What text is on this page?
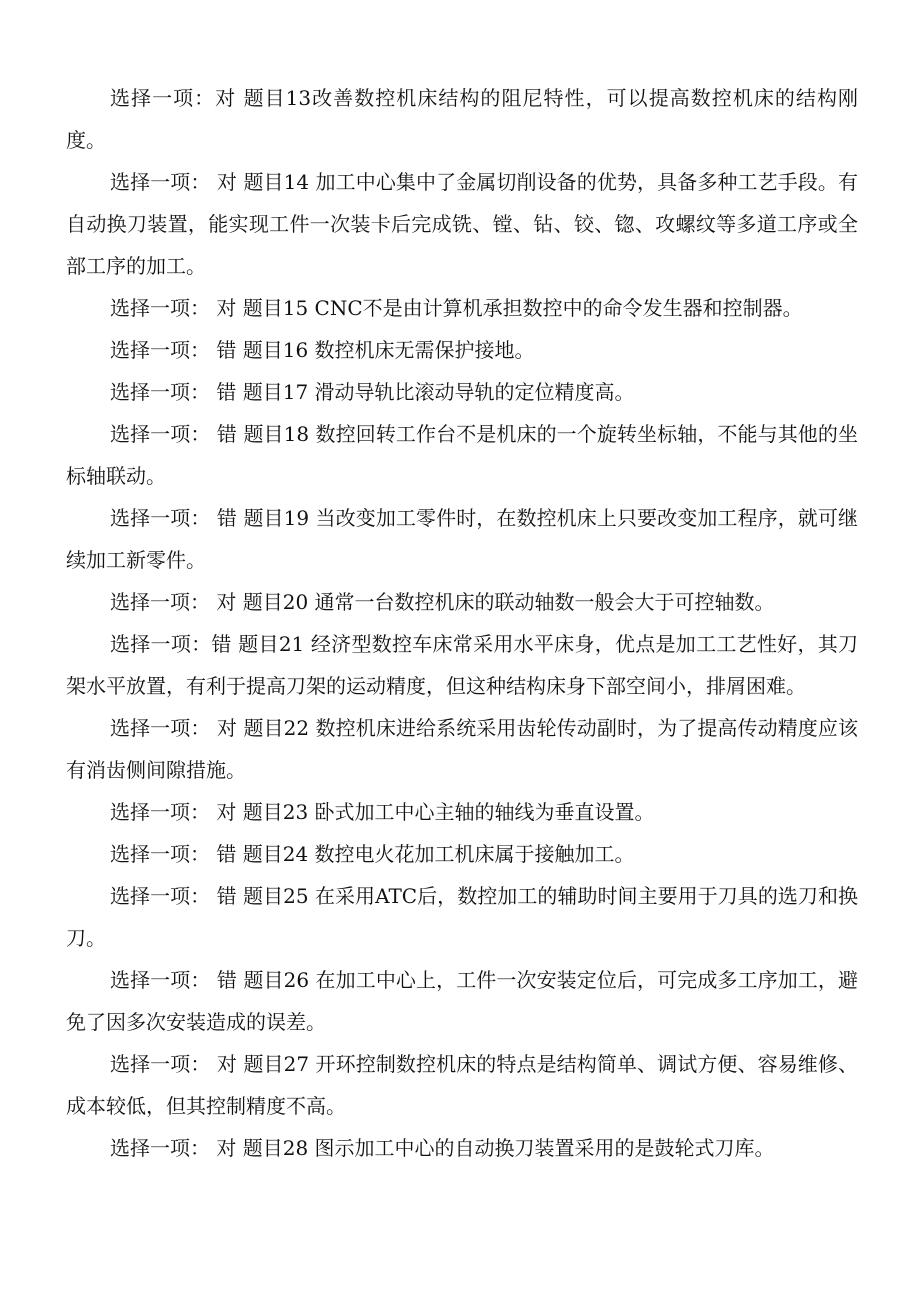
选择一项：对 题目13改善数控机床结构的阻尼特性，可以提高数控机床的结构刚度。

选择一项： 对 题目14 加工中心集中了金属切削设备的优势，具备多种工艺手段。有自动换刀装置，能实现工件一次装卡后完成铣、镗、钻、铰、锪、攻螺纹等多道工序或全部工序的加工。

选择一项： 对 题目15 CNC不是由计算机承担数控中的命令发生器和控制器。

选择一项： 错 题目16 数控机床无需保护接地。

选择一项： 错 题目17 滑动导轨比滚动导轨的定位精度高。

选择一项： 错 题目18 数控回转工作台不是机床的一个旋转坐标轴，不能与其他的坐标轴联动。

选择一项： 错 题目19 当改变加工零件时，在数控机床上只要改变加工程序，就可继续加工新零件。

选择一项： 对 题目20 通常一台数控机床的联动轴数一般会大于可控轴数。

选择一项：错 题目21 经济型数控车床常采用水平床身，优点是加工工艺性好，其刀架水平放置，有利于提高刀架的运动精度，但这种结构床身下部空间小，排屑困难。

选择一项： 对 题目22 数控机床进给系统采用齿轮传动副时，为了提高传动精度应该有消齿侧间隙措施。

选择一项： 对 题目23 卧式加工中心主轴的轴线为垂直设置。

选择一项： 错 题目24 数控电火花加工机床属于接触加工。

选择一项： 错 题目25 在采用ATC后，数控加工的辅助时间主要用于刀具的选刀和换刀。

选择一项： 错 题目26 在加工中心上，工件一次安装定位后，可完成多工序加工，避免了因多次安装造成的误差。

选择一项： 对 题目27 开环控制数控机床的特点是结构简单、调试方便、容易维修、成本较低，但其控制精度不高。

选择一项： 对 题目28 图示加工中心的自动换刀装置采用的是鼓轮式刀库。
